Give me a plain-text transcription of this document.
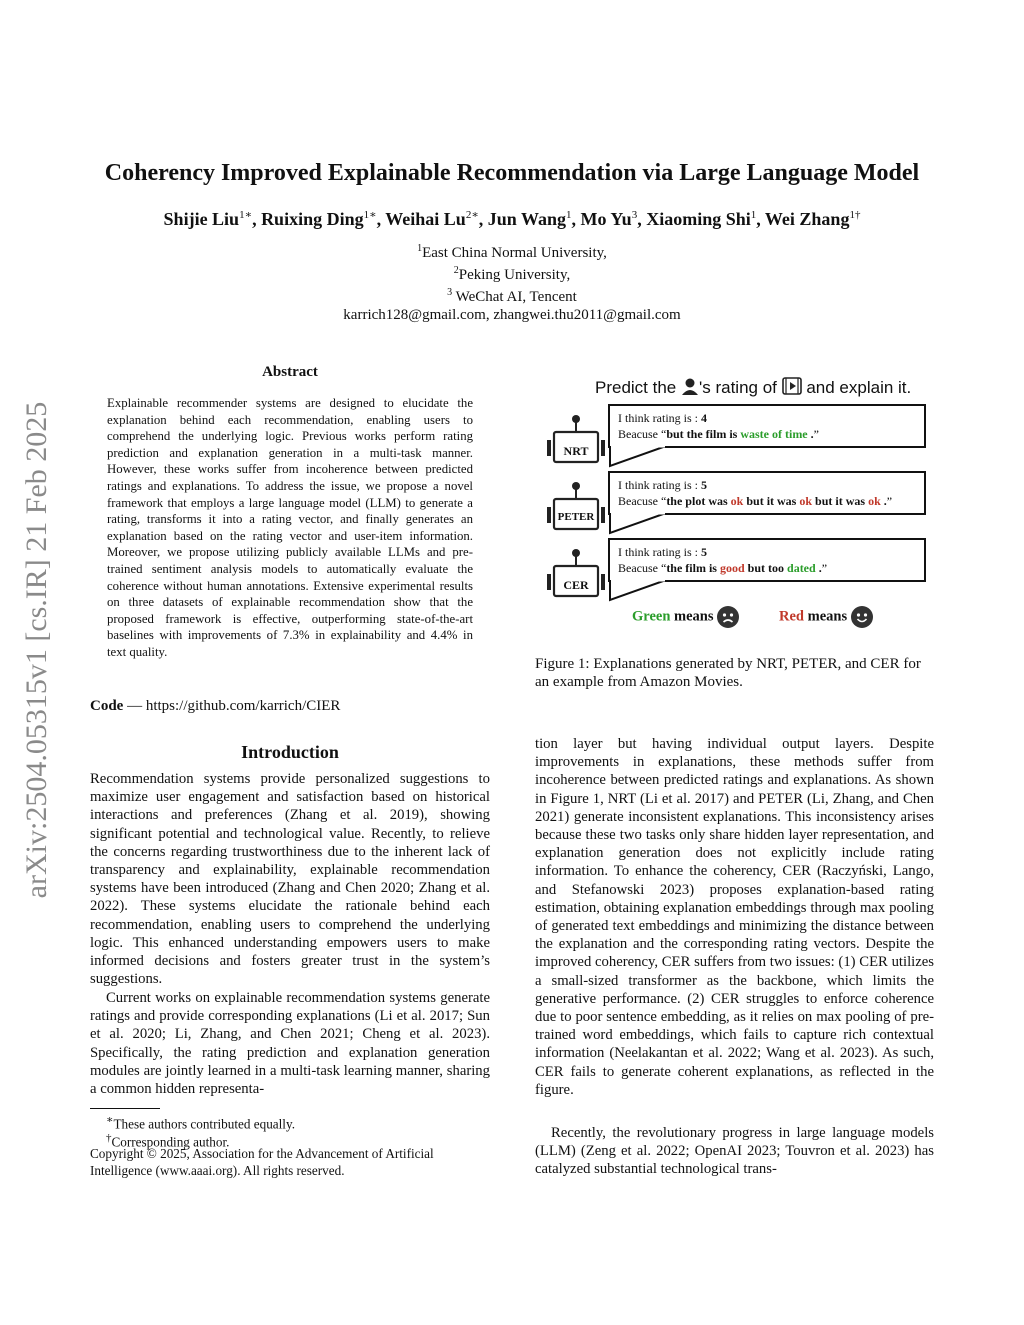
arXiv:2504.05315v1 [cs.IR] 21 Feb 2025
Coherency Improved Explainable Recommendation via Large Language Model
Shijie Liu$^{1∗}$, Ruixing Ding$^{1∗}$, Weihai $Lu^{2∗}$, Jun Wang$^1$, Mo Yu$^3$, Xiaoming Shi$^1$, Wei Zhang$^{1\dagger}$
$^1$East China Normal University,
$^2$Peking University,
$^3$ WeChat AI, Tencent
karrich128@gmail.com, zhangwei.thu2011@gmail.com
Abstract
Explainable recommender systems are designed to elucidate the explanation behind each recommendation, enabling users to comprehend the underlying logic. Previous works perform rating prediction and explanation generation in a multi-task manner. However, these works suffer from incoherence between predicted ratings and explanations. To address the issue, we propose a novel framework that employs a large language model (LLM) to generate a rating, transforms it into a rating vector, and finally generates an explanation based on the rating vector and user-item information. Moreover, we propose utilizing publicly available LLMs and pre-trained sentiment analysis models to automatically evaluate the coherence without human annotations. Extensive experimental results on three datasets of explainable recommendation show that the proposed framework is effective, outperforming state-of-the-art baselines with improvements of 7.3% in explainability and 4.4% in text quality.
Code — https://github.com/karrich/CIER
Introduction
Recommendation systems provide personalized suggestions to maximize user engagement and satisfaction based on historical interactions and preferences (Zhang et al. 2019), showing significant potential and technological value. Recently, to relieve the concerns regarding trustworthiness due to the inherent lack of transparency and explainability, explainable recommendation systems have been introduced (Zhang and Chen 2020; Zhang et al. 2022). These systems elucidate the rationale behind each recommendation, enabling users to comprehend the underlying logic. This enhanced understanding empowers users to make informed decisions and fosters greater trust in the system’s suggestions.
Current works on explainable recommendation systems generate ratings and provide corresponding explanations (Li et al. 2017; Sun et al. 2020; Li, Zhang, and Chen 2021; Cheng et al. 2023). Specifically, the rating prediction and explanation generation modules are jointly learned in a multi-task learning manner, sharing a common hidden representa-
∗These authors contributed equally.
†Corresponding author.
Copyright © 2025, Association for the Advancement of Artificial Intelligence (www.aaai.org). All rights reserved.
Predict the 's rating of  and explain it.
NRT
I think rating is : 4
Beacuse “but the film is waste of time .”
PETER
I think rating is : 5
Beacuse “the plot was ok but it was ok but it was ok .”
CER
I think rating is : 5
Beacuse “the film is good but too dated .”
Green means	Red means
Figure 1: Explanations generated by NRT, PETER, and CER for an example from Amazon Movies.
tion layer but having individual output layers. Despite improvements in explanations, these methods suffer from incoherence between predicted ratings and explanations. As shown in Figure 1, NRT (Li et al. 2017) and PETER (Li, Zhang, and Chen 2021) generate inconsistent explanations. This inconsistency arises because these two tasks only share hidden layer representation, and explanation generation does not explicitly include rating information. To enhance the coherency, CER (Raczyński, Lango, and Stefanowski 2023) proposes explanation-based rating estimation, obtaining explanation embeddings through max pooling of generated text embeddings and minimizing the distance between the explanation and the corresponding rating vectors. Despite the improved coherency, CER suffers from two issues: (1) CER utilizes a small-sized transformer as the backbone, which limits the generative performance. (2) CER struggles to enforce coherence due to poor sentence embedding, as it relies on max pooling of pre-trained word embeddings, which fails to capture rich contextual information (Neelakantan et al. 2022; Wang et al. 2023). As such, CER fails to generate coherent explanations, as reflected in the figure.
Recently, the revolutionary progress in large language models (LLM) (Zeng et al. 2022; OpenAI 2023; Touvron et al. 2023) has catalyzed substantial technological trans-
